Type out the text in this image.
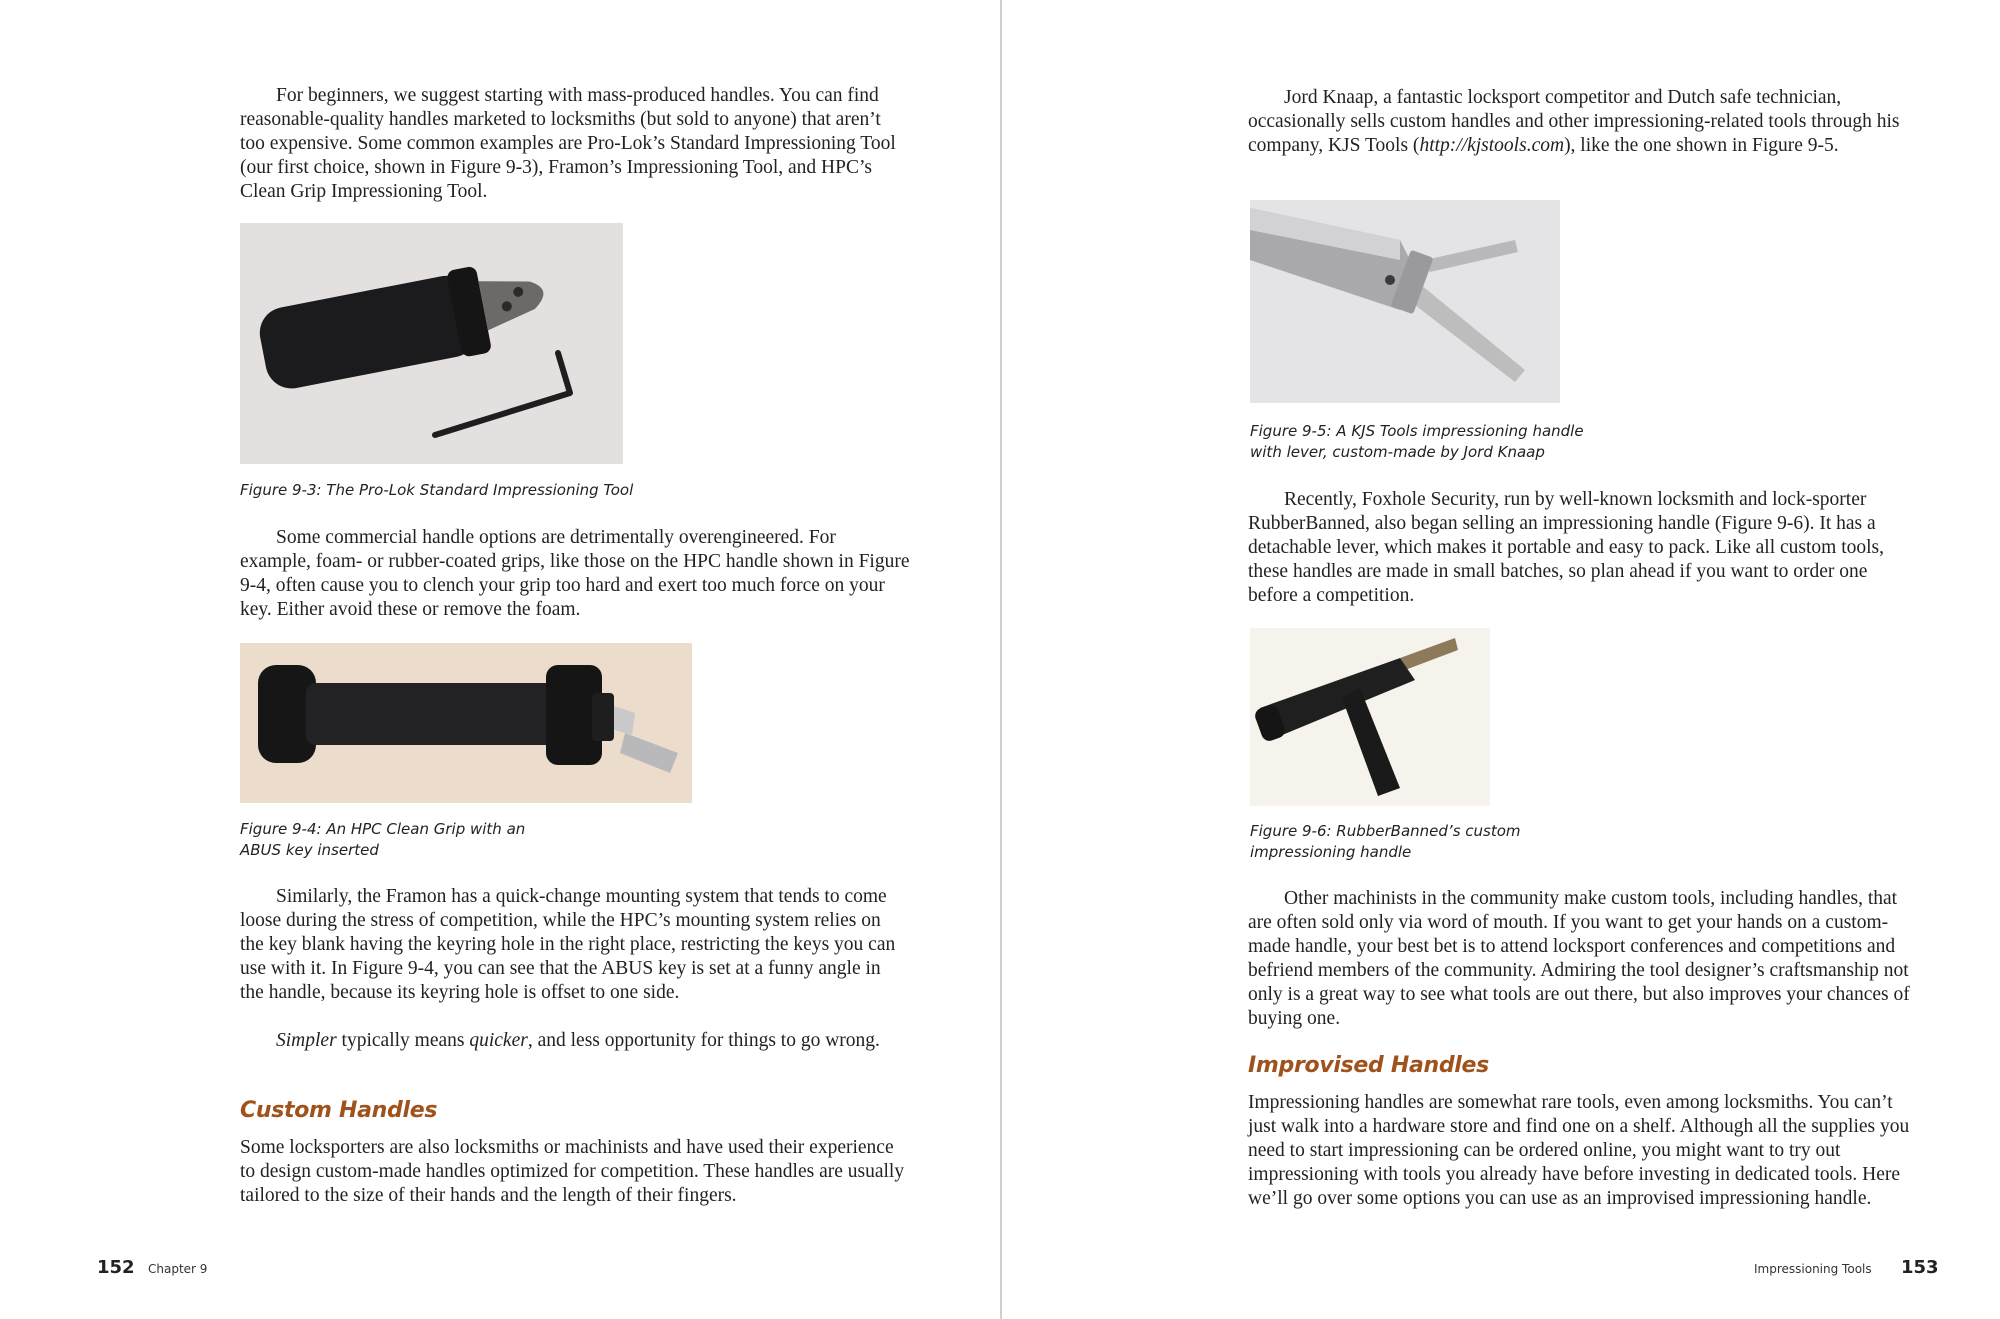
For beginners, we suggest starting with mass-produced handles. You can find reasonable-quality handles marketed to locksmiths (but sold to anyone) that aren’t too expensive. Some common examples are Pro-Lok’s Standard Impressioning Tool (our first choice, shown in Figure 9-3), Framon’s Impressioning Tool, and HPC’s Clean Grip Impressioning Tool.

Figure 9-3: The Pro-Lok Standard Impressioning Tool

Some commercial handle options are detrimentally overengineered. For example, foam- or rubber-coated grips, like those on the HPC handle shown in Figure 9-4, often cause you to clench your grip too hard and exert too much force on your key. Either avoid these or remove the foam.

Figure 9-4: An HPC Clean Grip with an

ABUS key inserted

Similarly, the Framon has a quick-change mounting system that tends to come loose during the stress of competition, while the HPC’s mounting system relies on the key blank having the keyring hole in the right place, restricting the keys you can use with it. In Figure 9-4, you can see that the ABUS key is set at a funny angle in the handle, because its keyring hole is offset to one side.

Simpler typically means quicker, and less opportunity for things to go wrong.

Custom Handles

Some locksporters are also locksmiths or machinists and have used their experience to design custom-made handles optimized for competition. These handles are usually tailored to the size of their hands and the length of their fingers.

152 Chapter 9

Jord Knaap, a fantastic locksport competitor and Dutch safe technician, occasionally sells custom handles and other impressioning-related tools through his company, KJS Tools (http://kjstools.com), like the one shown in Figure 9-5.

Figure 9-5: A KJS Tools impressioning handle

with lever, custom-made by Jord Knaap

Recently, Foxhole Security, run by well-known locksmith and lock-sporter RubberBanned, also began selling an impressioning handle (Figure 9-6). It has a detachable lever, which makes it portable and easy to pack. Like all custom tools, these handles are made in small batches, so plan ahead if you want to order one before a competition.

Figure 9-6: RubberBanned’s custom

impressioning handle

Other machinists in the community make custom tools, including handles, that are often sold only via word of mouth. If you want to get your hands on a custom-made handle, your best bet is to attend locksport conferences and competitions and befriend members of the community. Admiring the tool designer’s craftsmanship not only is a great way to see what tools are out there, but also improves your chances of buying one.

Improvised Handles

Impressioning handles are somewhat rare tools, even among locksmiths. You can’t just walk into a hardware store and find one on a shelf. Although all the supplies you need to start impressioning can be ordered online, you might want to try out impressioning with tools you already have before investing in dedicated tools. Here we’ll go over some options you can use as an improvised impressioning handle.

Impressioning Tools 153
